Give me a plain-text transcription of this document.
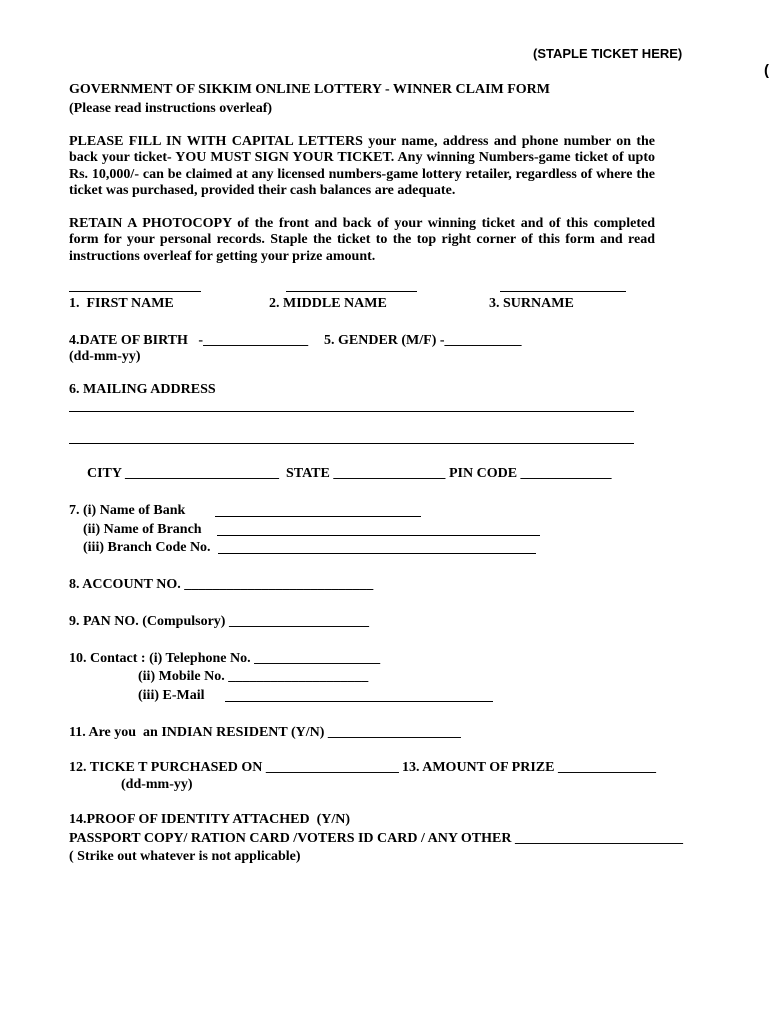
(STAPLE TICKET HERE)
(
GOVERNMENT OF SIKKIM ONLINE LOTTERY - WINNER CLAIM FORM
(Please read instructions overleaf)
PLEASE FILL IN WITH CAPITAL LETTERS your name, address and phone number on the back your ticket- YOU MUST SIGN YOUR TICKET. Any winning Numbers-game ticket of upto Rs. 10,000/- can be claimed at any licensed numbers-game lottery retailer, regardless of where the ticket was purchased, provided their cash balances are adequate.
RETAIN A PHOTOCOPY of the front and back of your winning ticket and of this completed form for your personal records. Staple the ticket to the top right corner of this form and read instructions overleaf for getting your prize amount.
1.  FIRST NAME	2. MIDDLE NAME	3. SURNAME
4.DATE OF BIRTH   -_______________ 5. GENDER (M/F) -___________
(dd-mm-yy)
6. MAILING ADDRESS
CITY ______________________ STATE ________________ PIN CODE _____________
7. (i) Name of Bank
(ii) Name of Branch
(iii) Branch Code No.
8. ACCOUNT NO. ___________________________
9. PAN NO. (Compulsory) ____________________
10. Contact : (i) Telephone No. __________________
(ii) Mobile No. ____________________
(iii) E-Mail
11. Are you  an INDIAN RESIDENT (Y/N) ___________________
12. TICKE T PURCHASED ON ___________________ 13. AMOUNT OF PRIZE ______________
(dd-mm-yy)
14.PROOF OF IDENTITY ATTACHED  (Y/N)
PASSPORT COPY/ RATION CARD /VOTERS ID CARD / ANY OTHER ________________________
( Strike out whatever is not applicable)
